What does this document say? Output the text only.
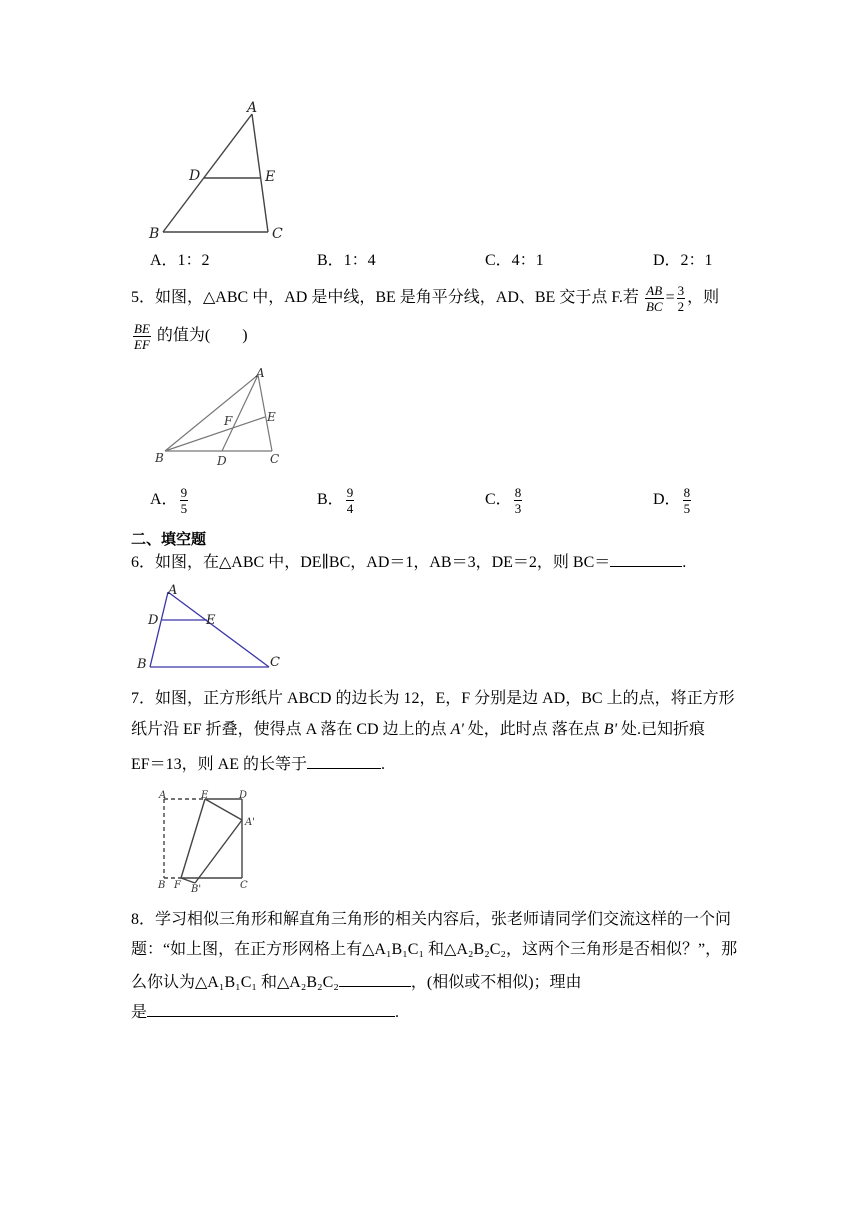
A
B	C
D	E
A．1：2	B．1：4	C．4：1	D．2：1
5．如图，△ABC 中，AD 是中线，BE 是角平分线，AD、BE 交于点 F.若 $\frac{AB}{BC} = \frac{3}{2}$ ，则
$\frac{BE}{EF}$ 的值为(　　)
A
B	C
D
E
F
A． $\frac{9}{5}$	B． $\frac{9}{4}$	C． $\frac{8}{3}$	D． $\frac{8}{5}$
二、填空题
6．如图，在△ABC 中，DE∥BC，AD＝1，AB＝3，DE＝2，则 BC＝	.
A
B	C
D	E
7．如图，正方形纸片 ABCD 的边长为 12，E，F 分别是边 AD，BC 上的点，将正方形
纸片沿 EF 折叠，使得点 A 落在 CD 边上的点 A' 处，此时点 落在点 B' 处.已知折痕
EF＝13，则 AE 的长等于	.
A
B	C
D
E
F
A'
B'
8．学习相似三角形和解直角三角形的相关内容后，张老师请同学们交流这样的一个问
题：“如上图，在正方形网格上有△A₁B₁C₁ 和△A₂B₂C₂，这两个三角形是否相似？”，那
么你认为△A₁B₁C₁ 和△A₂B₂C₂	，(相似或不相似)；理由
是	.
